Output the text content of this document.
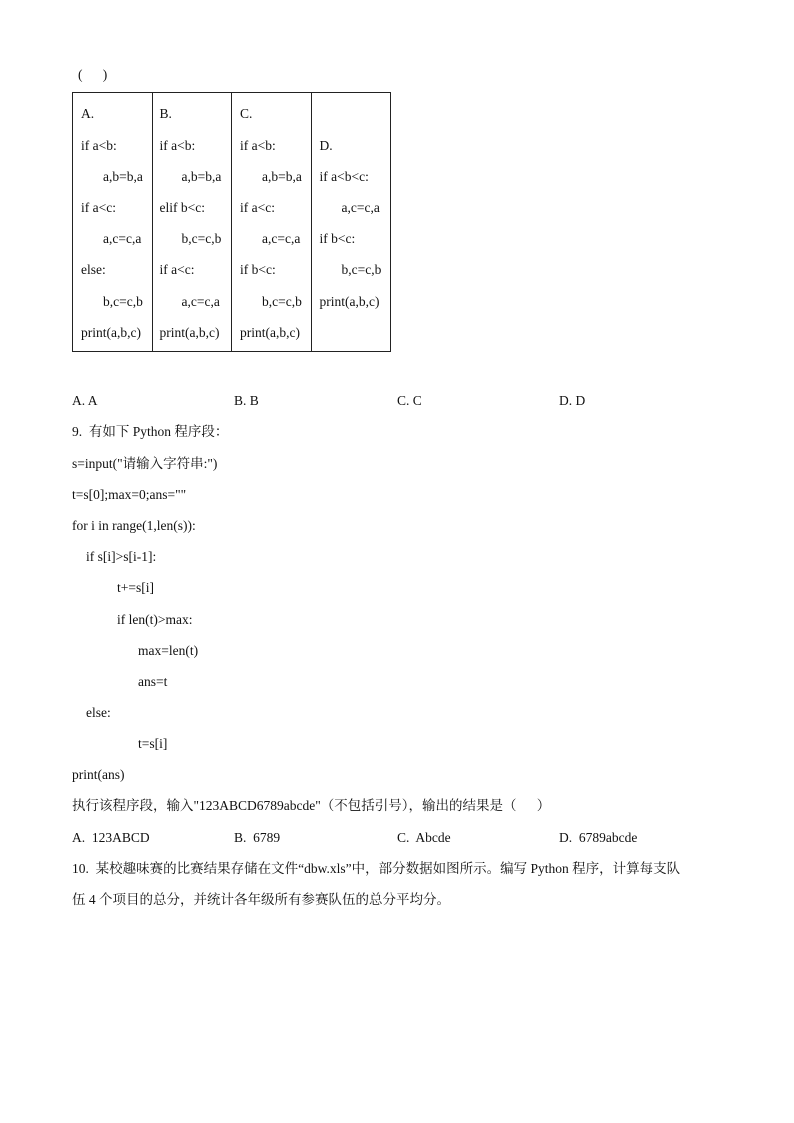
(      )
A.
if a<b:
a,b=b,a
if a<c:
a,c=c,a
else:
b,c=c,b
print(a,b,c)

B.
if a<b:
a,b=b,a
elif b<c:
b,c=c,b
if a<c:
a,c=c,a
print(a,b,c)

C.
if a<b:
a,b=b,a
if a<c:
a,c=c,a
if b<c:
b,c=c,b
print(a,b,c)

D.
if a<b<c:
a,c=c,a
if b<c:
b,c=c,b
print(a,b,c)
A. A	B. B	C. C	D. D
9.  有如下 Python 程序段：
s=input("请输入字符串:")
t=s[0];max=0;ans=""
for i in range(1,len(s)):
if s[i]>s[i-1]:
t+=s[i]
if len(t)>max:
max=len(t)
ans=t
else:
t=s[i]
print(ans)
执行该程序段，输入"123ABCD6789abcde"（不包括引号），输出的结果是（      ）
A.  123ABCD	B.  6789	C.  Abcde	D.  6789abcde
10.  某校趣味赛的比赛结果存储在文件“dbw.xls”中，部分数据如图所示。编写 Python 程序，计算每支队
伍 4 个项目的总分，并统计各年级所有参赛队伍的总分平均分。
